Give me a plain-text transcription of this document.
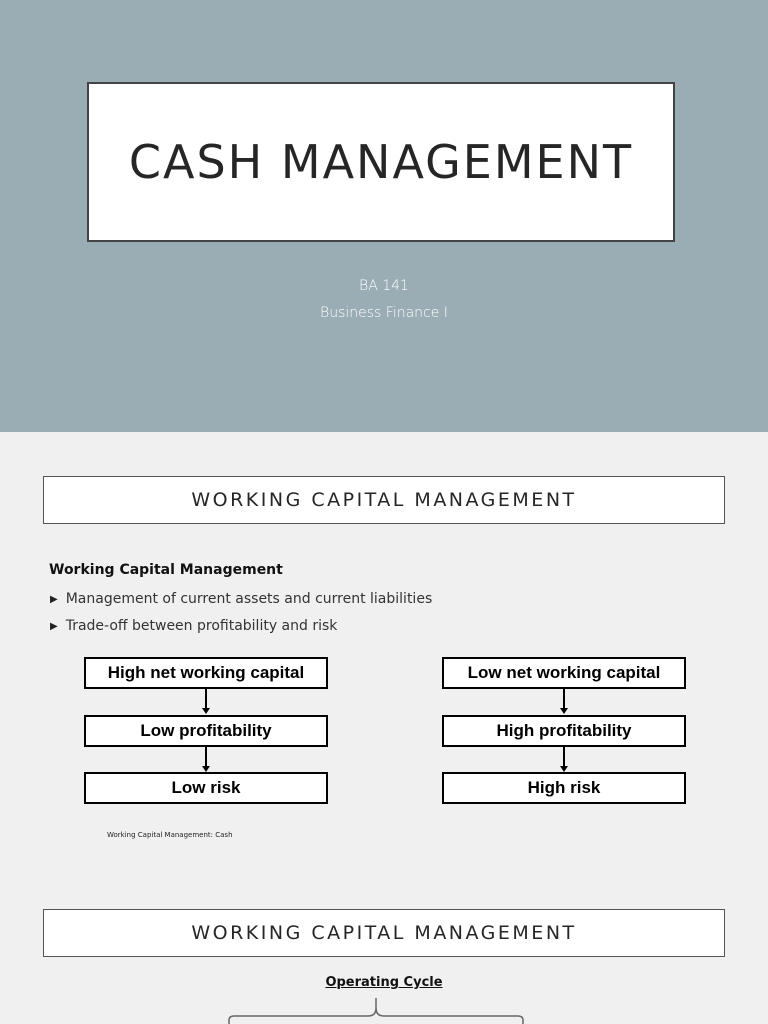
CASH MANAGEMENT
BA 141
Business Finance I
WORKING CAPITAL MANAGEMENT
Working Capital Management
▶ Management of current assets and current liabilities
▶ Trade-off between profitability and risk
High net working capital
Low profitability
Low risk
Low net working capital
High profitability
High risk
Working Capital Management: Cash
WORKING CAPITAL MANAGEMENT
Operating Cycle
